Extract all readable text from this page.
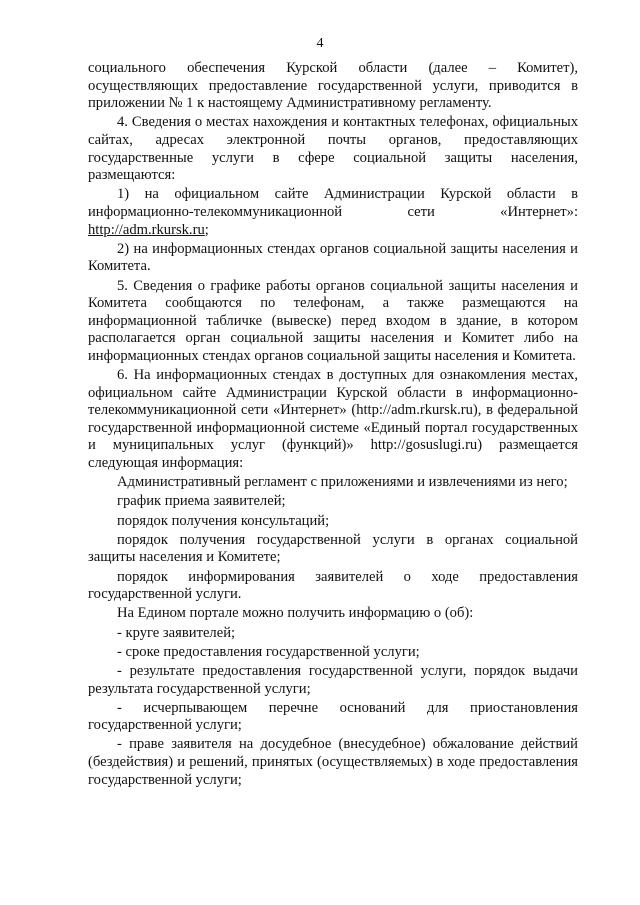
4

социального обеспечения Курской области (далее – Комитет), осуществляющих предоставление государственной услуги, приводится в приложении № 1 к настоящему Административному регламенту.

4. Сведения о местах нахождения и контактных телефонах, официальных сайтах, адресах электронной почты органов, предоставляющих государственные услуги в сфере социальной защиты населения, размещаются:

1) на официальном сайте Администрации Курской области в информационно-телекоммуникационной сети «Интернет»: http://adm.rkursk.ru;

2) на информационных стендах органов социальной защиты населения и Комитета.

5. Сведения о графике работы органов социальной защиты населения и Комитета сообщаются по телефонам, а также размещаются на информационной табличке (вывеске) перед входом в здание, в котором располагается орган социальной защиты населения и Комитет либо на информационных стендах органов социальной защиты населения и Комитета.

6. На информационных стендах в доступных для ознакомления местах, официальном сайте Администрации Курской области в информационно-телекоммуникационной сети «Интернет» (http://adm.rkursk.ru), в федеральной государственной информационной системе «Единый портал государственных и муниципальных услуг (функций)» http://gosuslugi.ru) размещается следующая информация:

Административный регламент с приложениями и извлечениями из него;

график приема заявителей;

порядок получения консультаций;

порядок получения государственной услуги в органах социальной защиты населения и Комитете;

порядок информирования заявителей о ходе предоставления государственной услуги.

На Едином портале можно получить информацию о (об):

- круге заявителей;

- сроке предоставления государственной услуги;

- результате предоставления государственной услуги, порядок выдачи результата государственной услуги;

- исчерпывающем перечне оснований для приостановления государственной услуги;

- праве заявителя на досудебное (внесудебное) обжалование действий (бездействия) и решений, принятых (осуществляемых) в ходе предоставления государственной услуги;
